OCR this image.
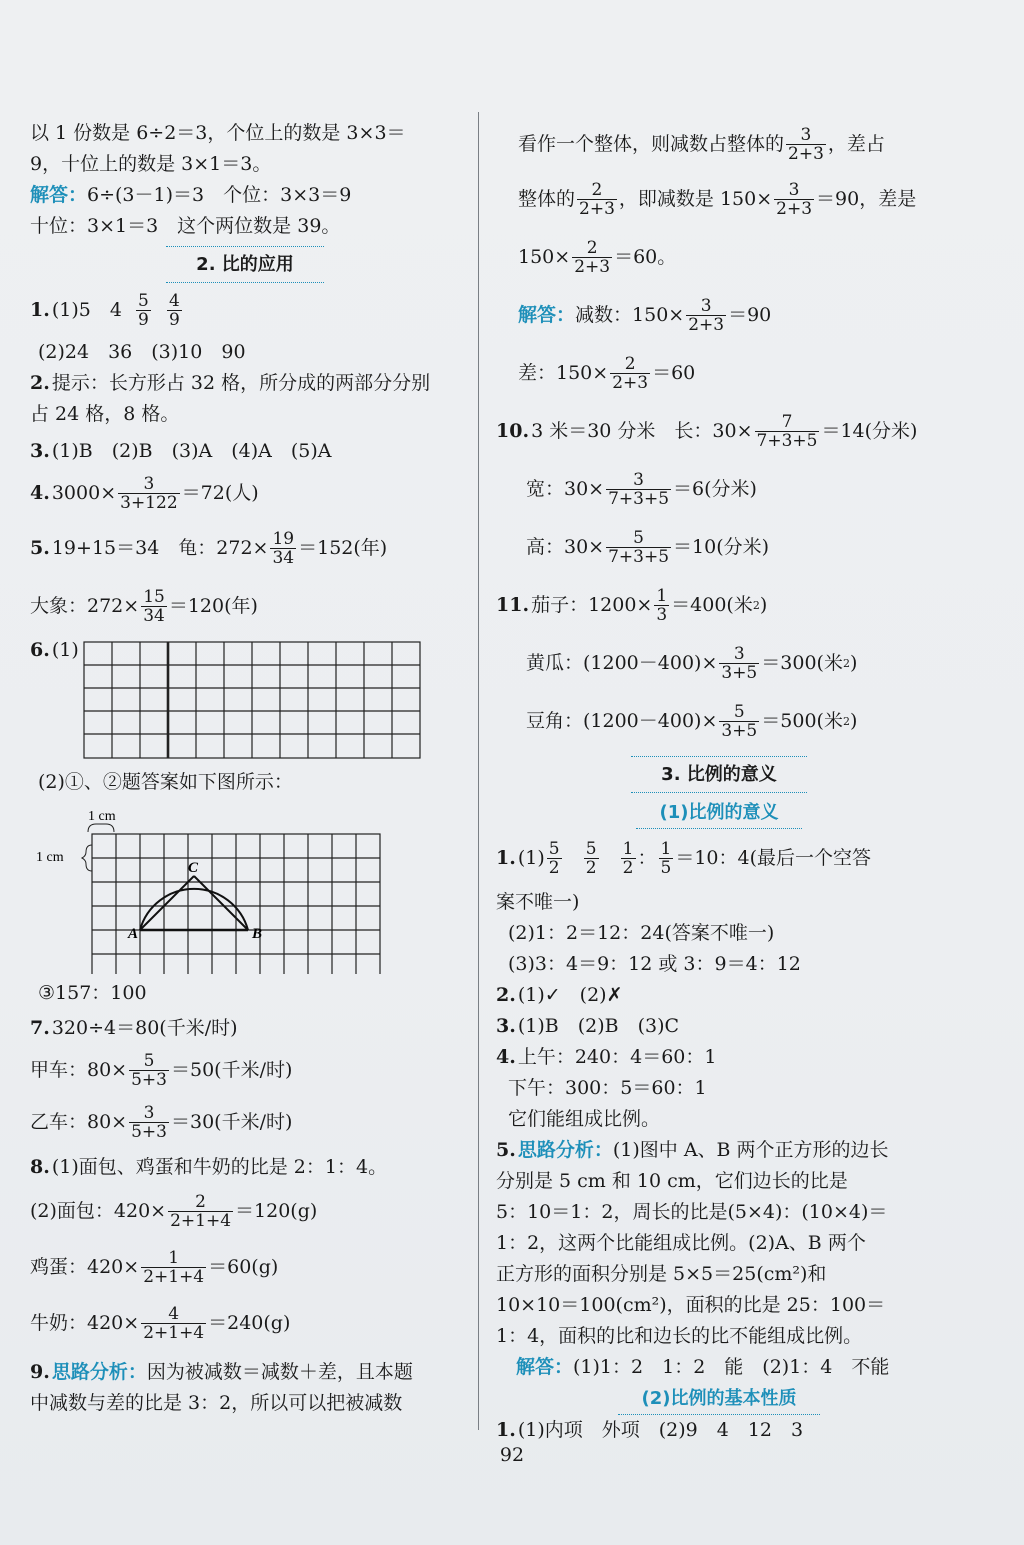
以 1 份数是 6÷2＝3，个位上的数是 3×3＝
9，十位上的数是 3×1＝3。
解答： 6÷(3－1)＝3　个位：3×3＝9
十位：3×1＝3　这个两位数是 39。
2. 比的应用
1. (1)5　4
$\frac{5}{9}$
$\frac{4}{9}$
(2)24　36　(3)10　90
2. 提示：长方形占 32 格，所分成的两部分分别
占 24 格，8 格。
3. (1)B　(2)B　(3)A　(4)A　(5)A
4. $3000\times \frac{3}{3+122} =72$(人)
5. 19+15＝34　龟：$272\times \frac{19}{34} =152$(年)
大象：$272\times \frac{15}{34} =120$(年)
6. (1)
(2)①、②题答案如下图所示：
1 cm
1 cm
C
A	B
③157：100
7. 320÷4＝80(千米/时)
甲车：$80\times \frac{5}{5+3} =50$(千米/时)
乙车：$80\times \frac{3}{5+3} =30$(千米/时)
8. (1)面包、鸡蛋和牛奶的比是 2：1：4。
(2)面包：$420\times \frac{2}{2+1+4} =120(g)$
鸡蛋：$420\times \frac{1}{2+1+4} =60(g)$
牛奶：$420\times \frac{4}{2+1+4} =240(g)$
9. 思路分析： 因为被减数＝减数＋差，且本题
中减数与差的比是 3：2，所以可以把被减数
看作一个整体，则减数占整体的 $\frac{3}{2+3}$ ，差占
整体的 $\frac{2}{2+3}$ ，即减数是 $150\times \frac{3}{2+3} =90$，差是
$150\times \frac{2}{2+3} =60$。
解答： 减数：$150\times \frac{3}{2+3} =90$
差：$150\times \frac{2}{2+3} =60$
10. 3 米＝30 分米　长：$30\times \frac{7}{7+3+5} =14$(分米)
宽：$30\times \frac{3}{7+3+5} =6$(分米)
高：$30\times \frac{5}{7+3+5} =10$(分米)
11. 茄子：$1200\times \frac{1}{3} =400$(米 2 )
黄瓜：$(1200-400)\times \frac{3}{3+5} =300$(米 2 )
豆角：$(1200-400)\times \frac{5}{3+5} =500$(米 2 )
3. 比例的意义
(1)比例的意义
1. $(1) \frac{5}{2}$
$\frac{5}{2}$
$\frac{1}{2}$ ： $\frac{1}{5} =10$：4(最后一个空答
案不唯一)
(2)1：2＝12：24(答案不唯一)
(3)3：4＝9：12 或 3：9＝4：12
2. (1)✓　(2)✗
3. (1)B　(2)B　(3)C
4. 上午：240：4＝60：1
下午：300：5＝60：1
它们能组成比例。
5. 思路分析： (1)图中 A、B 两个正方形的边长
分别是 5 cm 和 10 cm，它们边长的比是
5：10＝1：2，周长的比是(5×4)：(10×4)＝
1：2，这两个比能组成比例。(2)A、B 两个
正方形的面积分别是 5×5＝25(cm²)和
10×10＝100(cm²)，面积的比是 25：100＝
1：4，面积的比和边长的比不能组成比例。
解答： (1)1：2　1：2　能　(2)1：4　不能
(2)比例的基本性质
1. (1)内项　外项　(2)9　4　12　3
92
